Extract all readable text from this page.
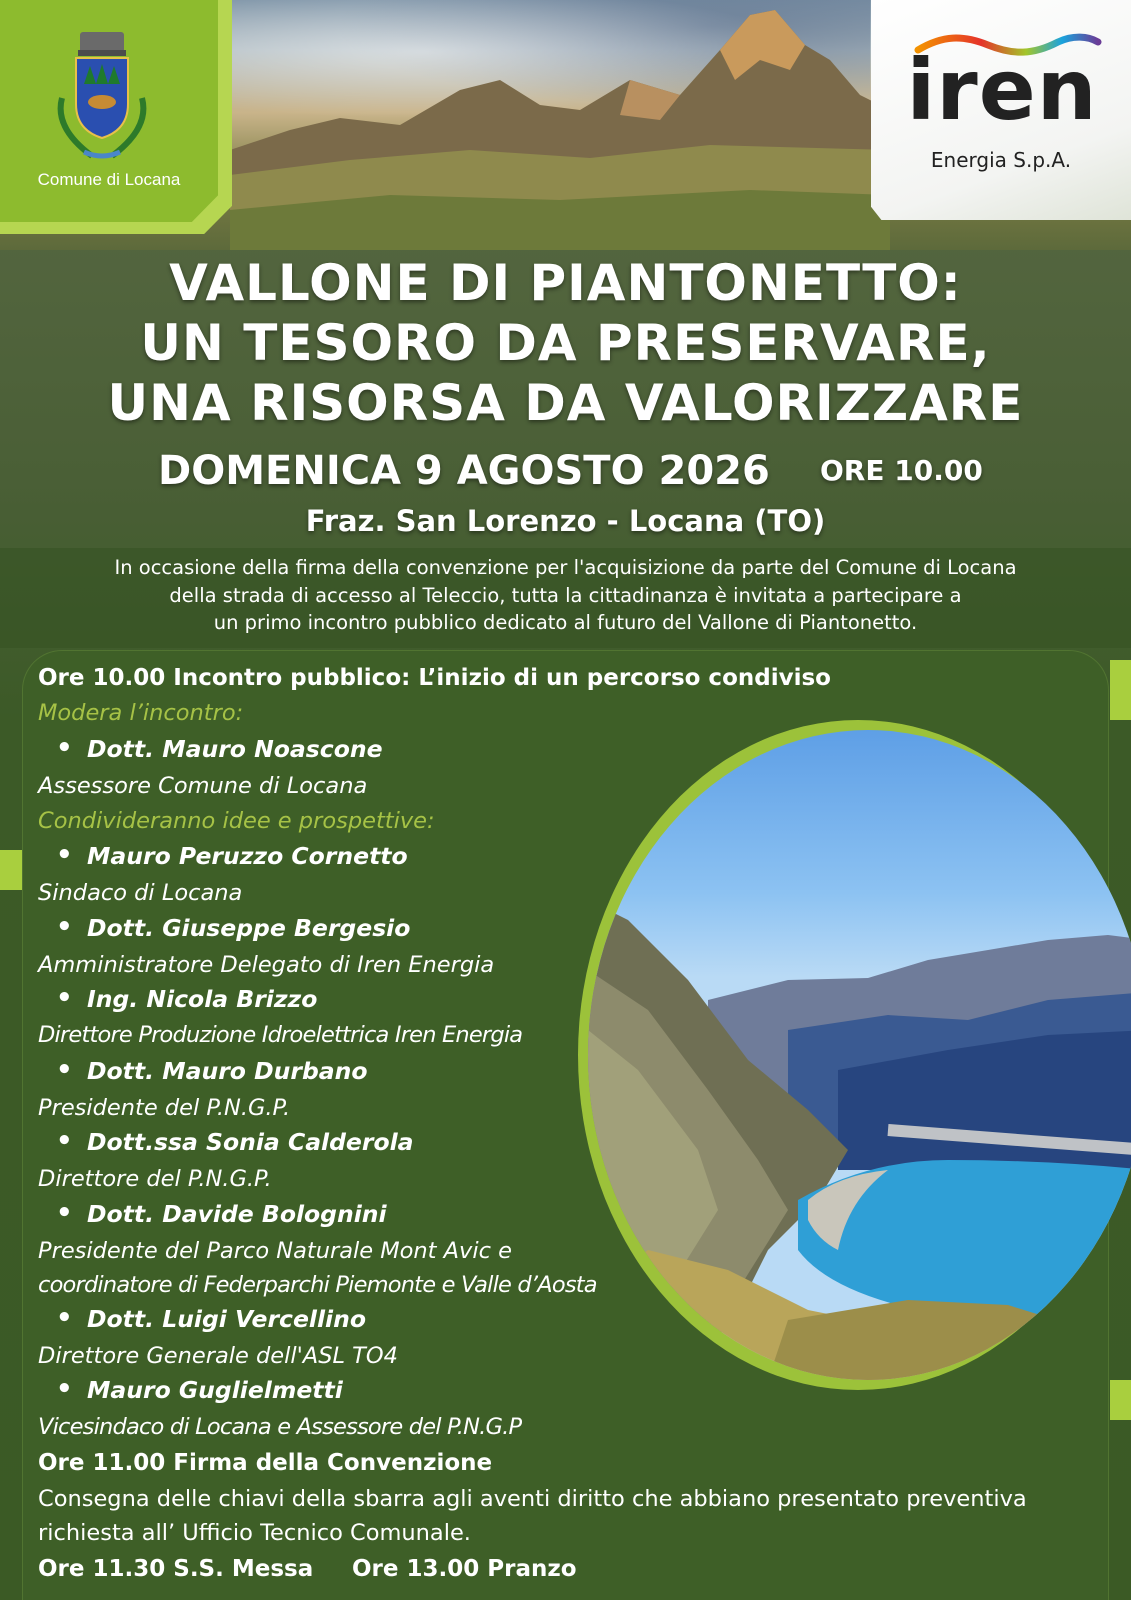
Comune di Locana
iren
Energia S.p.A.
VALLONE DI PIANTONETTO:
UN TESORO DA PRESERVARE,
UNA RISORSA DA VALORIZZARE
DOMENICA 9 AGOSTO 2026 ORE 10.00
Fraz. San Lorenzo - Locana (TO)
In occasione della firma della convenzione per l'acquisizione da parte del Comune di Locana
della strada di accesso al Teleccio, tutta la cittadinanza è invitata a partecipare a
un primo incontro pubblico dedicato al futuro del Vallone di Piantonetto.
Ore 10.00 Incontro pubblico: L’inizio di un percorso condiviso
Modera l’incontro:
• Dott. Mauro Noascone
Assessore Comune di Locana
Condivideranno idee e prospettive:
• Mauro Peruzzo Cornetto
Sindaco di Locana
• Dott. Giuseppe Bergesio
Amministratore Delegato di Iren Energia
• Ing. Nicola Brizzo
Direttore Produzione Idroelettrica Iren Energia
• Dott. Mauro Durbano
Presidente del P.N.G.P.
• Dott.ssa Sonia Calderola
Direttore del P.N.G.P.
• Dott. Davide Bolognini
Presidente del Parco Naturale Mont Avic e
coordinatore di Federparchi Piemonte e Valle d’Aosta
• Dott. Luigi Vercellino
Direttore Generale dell'ASL TO4
• Mauro Guglielmetti
Vicesindaco di Locana e Assessore del P.N.G.P
Ore 11.00 Firma della Convenzione
Consegna delle chiavi della sbarra agli aventi diritto che abbiano presentato preventiva
richiesta all’ Ufficio Tecnico Comunale.
Ore 11.30 S.S. Messa Ore 13.00 Pranzo
